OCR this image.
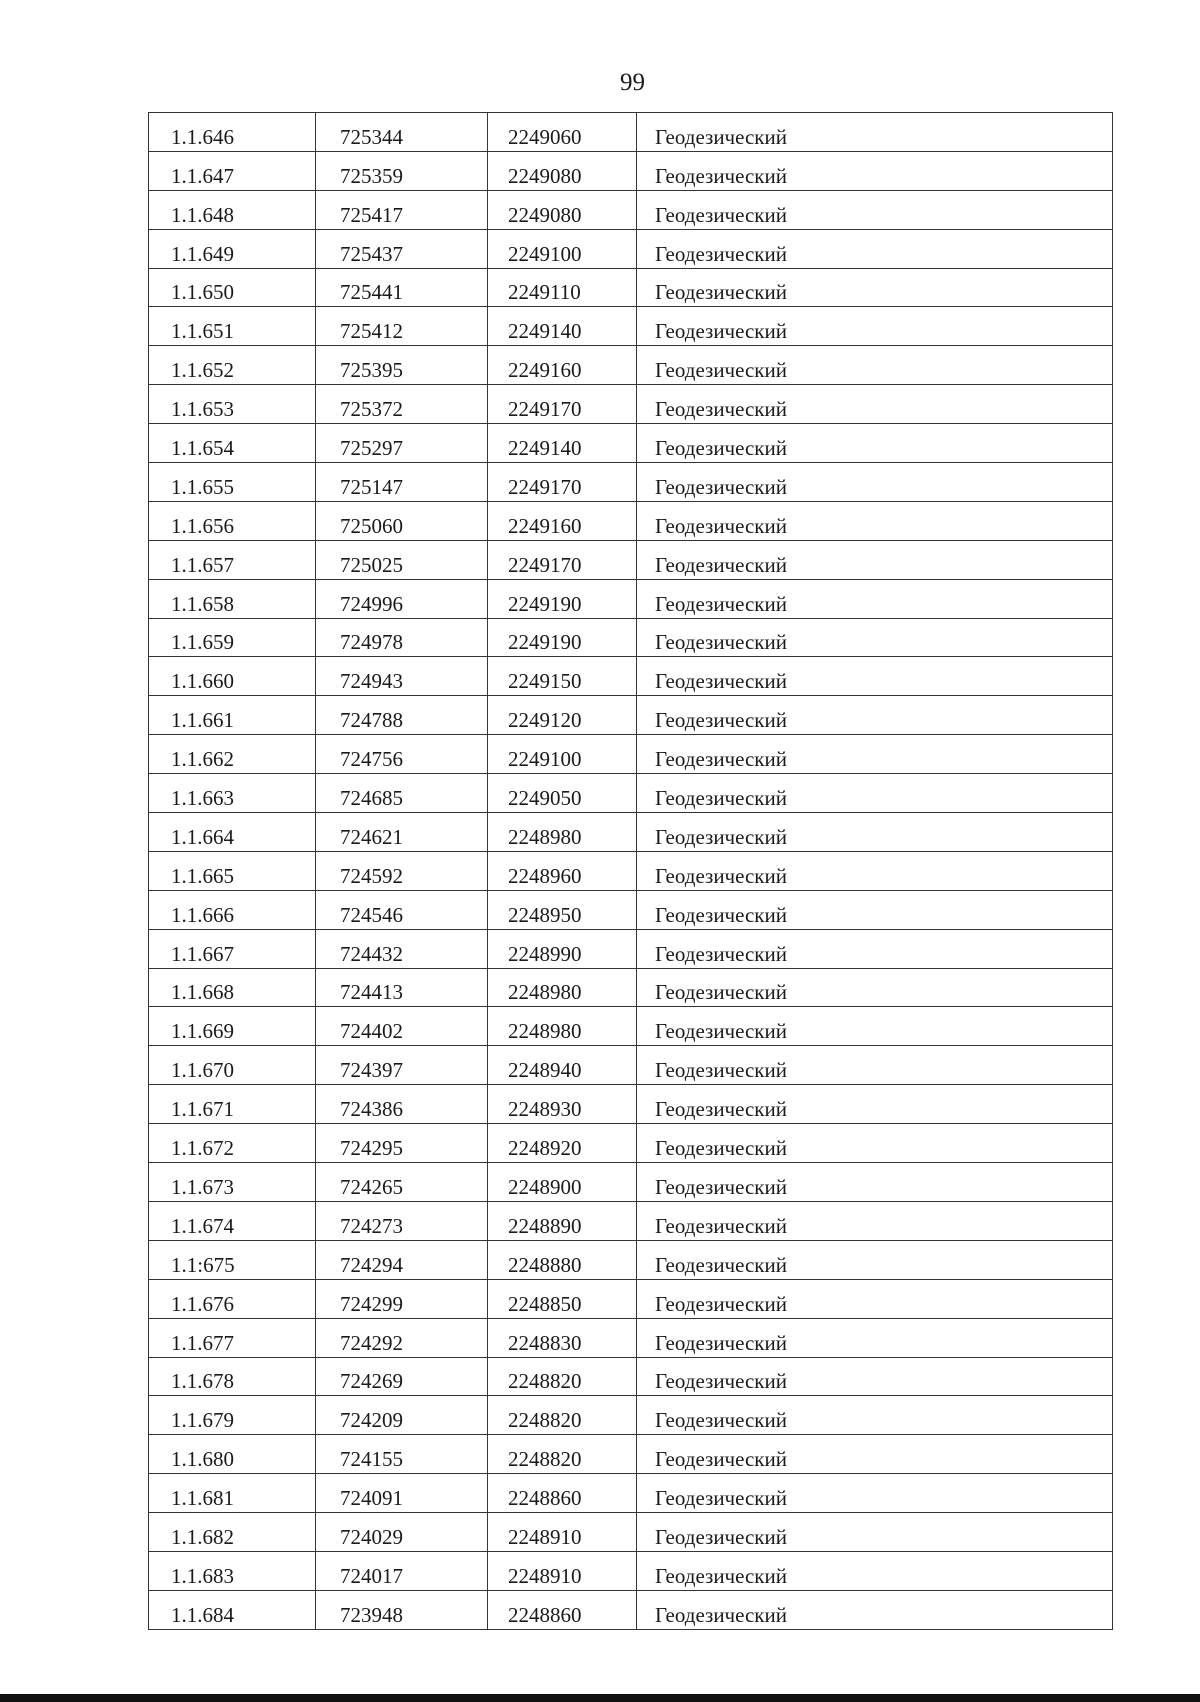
99
1.1.646	725344	2249060	Геодезический
1.1.647	725359	2249080	Геодезический
1.1.648	725417	2249080	Геодезический
1.1.649	725437	2249100	Геодезический
1.1.650	725441	2249110	Геодезический
1.1.651	725412	2249140	Геодезический
1.1.652	725395	2249160	Геодезический
1.1.653	725372	2249170	Геодезический
1.1.654	725297	2249140	Геодезический
1.1.655	725147	2249170	Геодезический
1.1.656	725060	2249160	Геодезический
1.1.657	725025	2249170	Геодезический
1.1.658	724996	2249190	Геодезический
1.1.659	724978	2249190	Геодезический
1.1.660	724943	2249150	Геодезический
1.1.661	724788	2249120	Геодезический
1.1.662	724756	2249100	Геодезический
1.1.663	724685	2249050	Геодезический
1.1.664	724621	2248980	Геодезический
1.1.665	724592	2248960	Геодезический
1.1.666	724546	2248950	Геодезический
1.1.667	724432	2248990	Геодезический
1.1.668	724413	2248980	Геодезический
1.1.669	724402	2248980	Геодезический
1.1.670	724397	2248940	Геодезический
1.1.671	724386	2248930	Геодезический
1.1.672	724295	2248920	Геодезический
1.1.673	724265	2248900	Геодезический
1.1.674	724273	2248890	Геодезический
1.1:675	724294	2248880	Геодезический
1.1.676	724299	2248850	Геодезический
1.1.677	724292	2248830	Геодезический
1.1.678	724269	2248820	Геодезический
1.1.679	724209	2248820	Геодезический
1.1.680	724155	2248820	Геодезический
1.1.681	724091	2248860	Геодезический
1.1.682	724029	2248910	Геодезический
1.1.683	724017	2248910	Геодезический
1.1.684	723948	2248860	Геодезический
